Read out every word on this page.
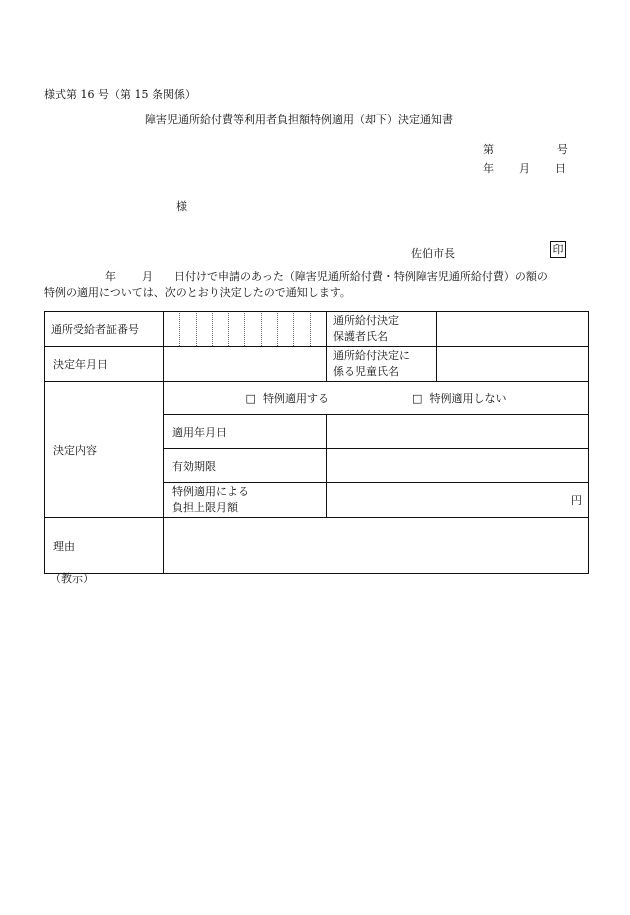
様式第 16 号（第 15 条関係）
障害児通所給付費等利用者負担額特例適用（却下）決定通知書
第	号
年 月 日
様
佐伯市長	印
年 月 日付けで申請のあった（障害児通所給付費・特例障害児通所給付費）の額の
特例の適用については、次のとおり決定したので通知します。
通所受給者証番号		通所給付決定
保護者氏名	

決定年月日		通所給付決定に
係る児童氏名	

決定内容	□ 特例適用する □ 特例適用しない		

適用年月日		

有効期限		

特例適用による
負担上限月額	円	

理由			

（教示）
